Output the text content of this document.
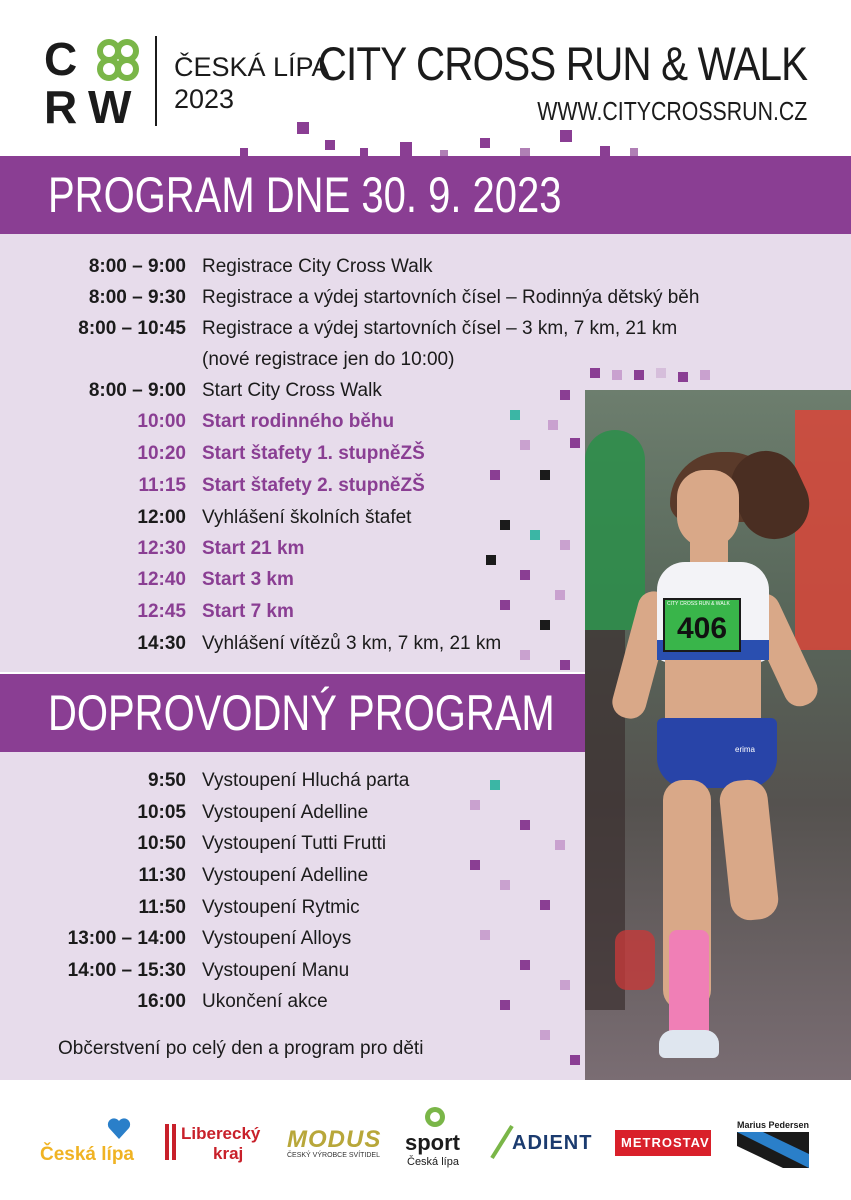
C
R W
ČESKÁ LÍPA
2023
CITY CROSS RUN & WALK
WWW.CITYCROSSRUN.CZ
PROGRAM DNE 30. 9. 2023
8:00 – 9:00 Registrace City Cross Walk
8:00 – 9:30 Registrace a výdej startovních čísel – Rodinnýa dětský běh
8:00 – 10:45 Registrace a výdej startovních čísel – 3 km, 7 km, 21 km
(nové registrace jen do 10:00)
8:00 – 9:00 Start City Cross Walk
10:00 Start rodinného běhu
10:20 Start štafety 1. stupněZŠ
11:15 Start štafety 2. stupněZŠ
12:00 Vyhlášení školních štafet
12:30 Start 21 km
12:40 Start 3 km
12:45 Start 7 km
14:30 Vyhlášení vítězů 3 km, 7 km, 21 km
DOPROVODNÝ PROGRAM
9:50 Vystoupení Hluchá parta
10:05 Vystoupení Adelline
10:50 Vystoupení Tutti Frutti
11:30 Vystoupení Adelline
11:50 Vystoupení Rytmic
13:00 – 14:00 Vystoupení Alloys
14:00 – 15:30 Vystoupení Manu
16:00 Ukončení akce
Občerstvení po celý den a program pro děti
CITY CROSS RUN & WALK
406
erima
Česká lípa
Liberecký
kraj
MODUS
ČESKÝ VÝROBCE SVÍTIDEL
sport
Česká lípa
ADIENT METROSTAV
Marius Pedersen
